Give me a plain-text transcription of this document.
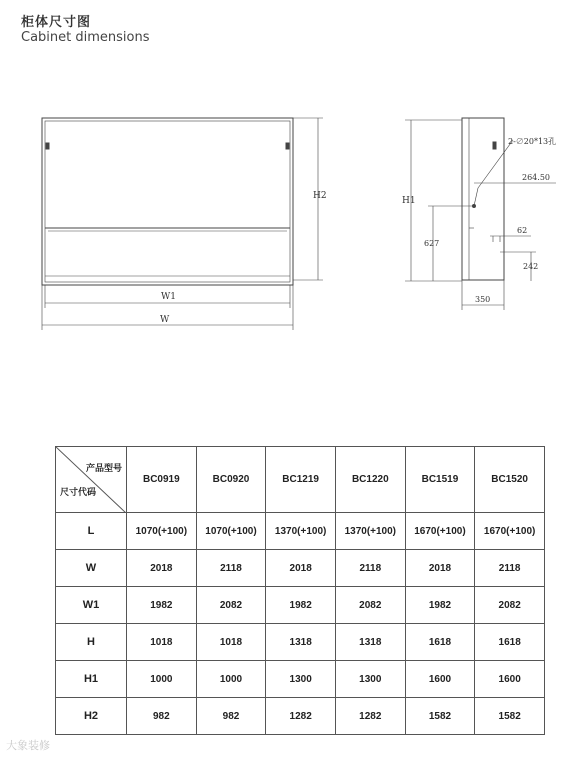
柜体尺寸图
Cabinet dimensions
H2
W1
W
H1
2-∅20*13孔
264.50
627
62
242
350
产品型号
尺寸代码	BC0919	BC0920	BC1219	BC1220	BC1519	BC1520
L	1070(+100)	1070(+100)	1370(+100)	1370(+100)	1670(+100)	1670(+100)
W	2018	2118	2018	2118	2018	2118
W1	1982	2082	1982	2082	1982	2082
H	1018	1018	1318	1318	1618	1618
H1	1000	1000	1300	1300	1600	1600
H2	982	982	1282	1282	1582	1582
大象装修
